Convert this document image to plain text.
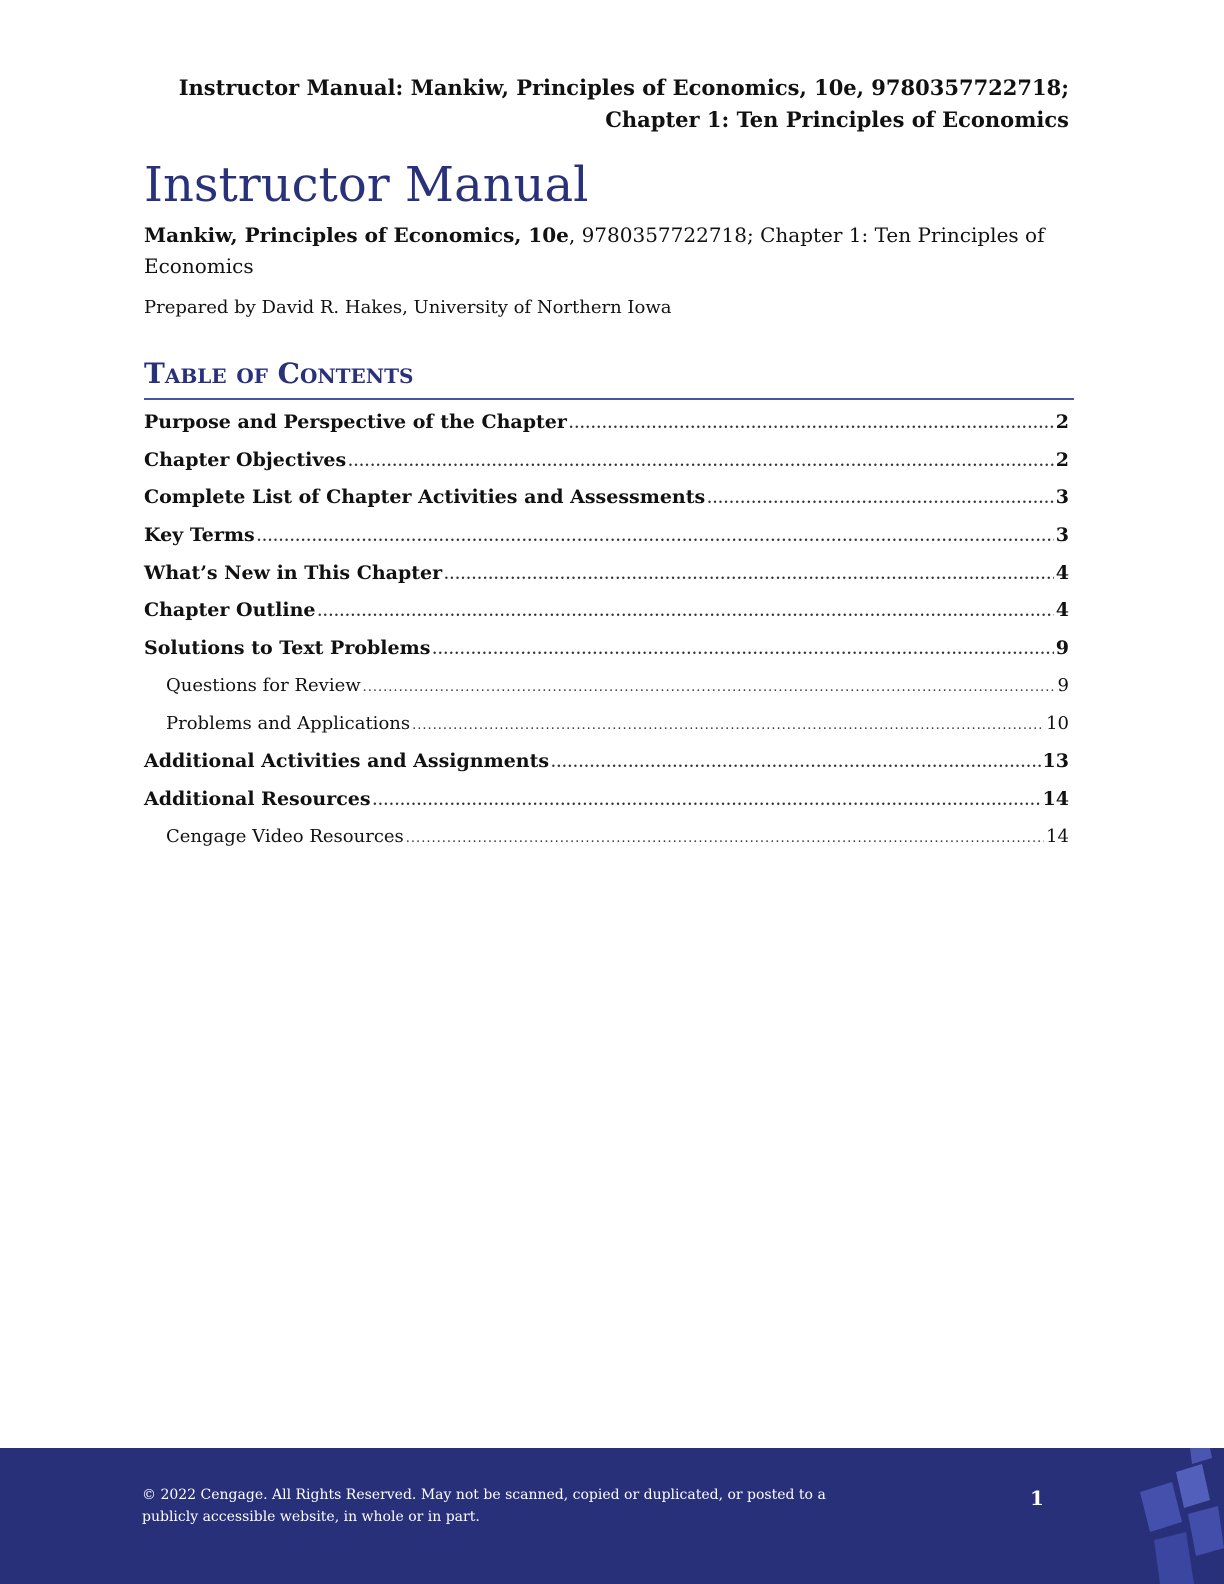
Instructor Manual: Mankiw, Principles of Economics, 10e, 9780357722718;
Chapter 1: Ten Principles of Economics
Instructor Manual
Mankiw, Principles of Economics, 10e, 9780357722718; Chapter 1: Ten Principles of Economics
Prepared by David R. Hakes, University of Northern Iowa
Table of Contents
Purpose and Perspective of the Chapter .....	2
Chapter Objectives .....	2
Complete List of Chapter Activities and Assessments .....	3
Key Terms .....	3
What’s New in This Chapter .....	4
Chapter Outline .....	4
Solutions to Text Problems .....	9
Questions for Review .....	9
Problems and Applications .....	10
Additional Activities and Assignments .....	13
Additional Resources .....	14
Cengage Video Resources .....	14
© 2022 Cengage. All Rights Reserved. May not be scanned, copied or duplicated, or posted to a publicly accessible website, in whole or in part.
1
